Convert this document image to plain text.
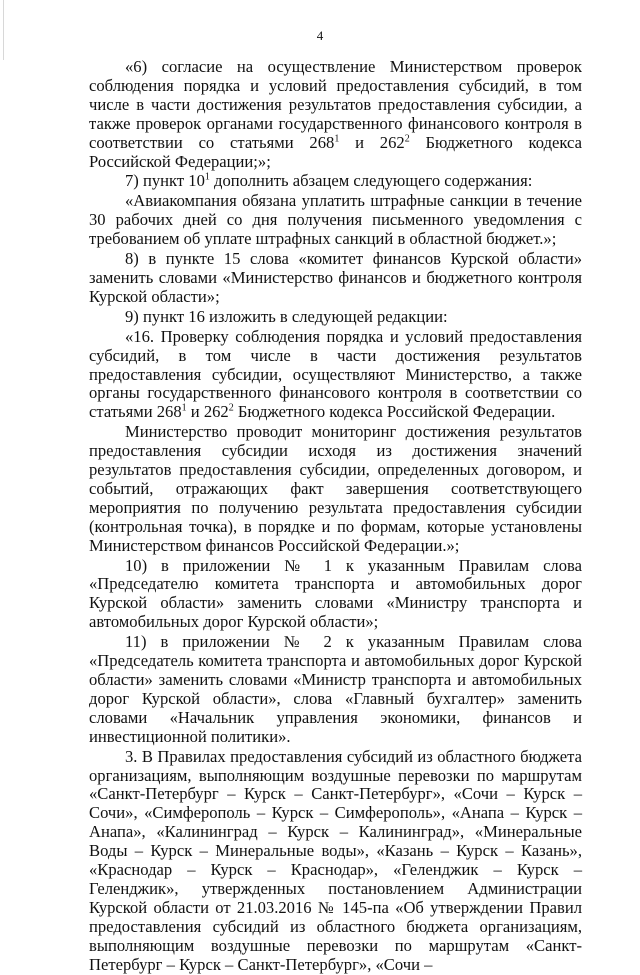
4

«6) согласие на осуществление Министерством проверок соблюдения порядка и условий предоставления субсидий, в том числе в части достижения результатов предоставления субсидии, а также проверок органами государственного финансового контроля в соответствии со статьями $268^1$ и $262^2$ Бюджетного кодекса Российской Федерации;»;

7) пункт $10^1$ дополнить абзацем следующего содержания:

«Авиакомпания обязана уплатить штрафные санкции в течение 30 рабочих дней со дня получения письменного уведомления с требованием об уплате штрафных санкций в областной бюджет.»;

8) в пункте 15 слова «комитет финансов Курской области» заменить словами «Министерство финансов и бюджетного контроля Курской области»;

9) пункт 16 изложить в следующей редакции:

«16. Проверку соблюдения порядка и условий предоставления субсидий, в том числе в части достижения результатов предоставления субсидии, осуществляют Министерство, а также органы государственного финансового контроля в соответствии со статьями $268^1$ и $262^2$ Бюджетного кодекса Российской Федерации.

Министерство проводит мониторинг достижения результатов предоставления субсидии исходя из достижения значений результатов предоставления субсидии, определенных договором, и событий, отражающих факт завершения соответствующего мероприятия по получению результата предоставления субсидии (контрольная точка), в порядке и по формам, которые установлены Министерством финансов Российской Федерации.»;

10) в приложении № 1 к указанным Правилам слова «Председателю комитета транспорта и автомобильных дорог Курской области» заменить словами «Министру транспорта и автомобильных дорог Курской области»;

11) в приложении № 2 к указанным Правилам слова «Председатель комитета транспорта и автомобильных дорог Курской области» заменить словами «Министр транспорта и автомобильных дорог Курской области», слова «Главный бухгалтер» заменить словами «Начальник управления экономики, финансов и инвестиционной политики».

3. В Правилах предоставления субсидий из областного бюджета организациям, выполняющим воздушные перевозки по маршрутам «Санкт-Петербург – Курск – Санкт-Петербург», «Сочи – Курск – Сочи», «Симферополь – Курск – Симферополь», «Анапа – Курск – Анапа», «Калининград – Курск – Калининград», «Минеральные Воды – Курск – Минеральные воды», «Казань – Курск – Казань», «Краснодар – Курск – Краснодар», «Геленджик – Курск – Геленджик», утвержденных постановлением Администрации Курской области от 21.03.2016 № 145-па «Об утверждении Правил предоставления субсидий из областного бюджета организациям, выполняющим воздушные перевозки по маршрутам «Санкт-Петербург – Курск – Санкт-Петербург», «Сочи –
